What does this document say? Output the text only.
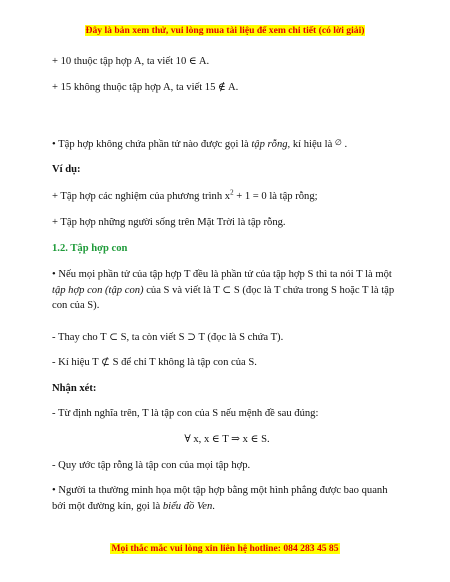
Đây là bản xem thử, vui lòng mua tài liệu để xem chi tiết (có lời giải)
+ 10 thuộc tập hợp A, ta viết 10 ∈ A.
+ 15 không thuộc tập hợp A, ta viết 15 ∉ A.
• Tập hợp không chứa phần tử nào được gọi là tập rỗng, kí hiệu là ∅ .
Ví dụ:
+ Tập hợp các nghiệm của phương trình $x^2 + 1 = 0$ là tập rỗng;
+ Tập hợp những người sống trên Mặt Trời là tập rỗng.
1.2. Tập hợp con
• Nếu mọi phần tử của tập hợp T đều là phần tử của tập hợp S thì ta nói T là một tập hợp con (tập con) của S và viết là T ⊂ S (đọc là T chứa trong S hoặc T là tập con của S).
- Thay cho T ⊂ S, ta còn viết S ⊃ T (đọc là S chứa T).
- Kí hiệu T ⊄ S để chỉ T không là tập con của S.
Nhận xét:
- Từ định nghĩa trên, T là tập con của S nếu mệnh đề sau đúng:
∀ x, x ∈ T ⇒ x ∈ S.
- Quy ước tập rỗng là tập con của mọi tập hợp.
• Người ta thường minh họa một tập hợp bằng một hình phẳng được bao quanh bởi một đường kín, gọi là biểu đồ Ven.
Mọi thắc mắc vui lòng xin liên hệ hotline: 084 283 45 85
